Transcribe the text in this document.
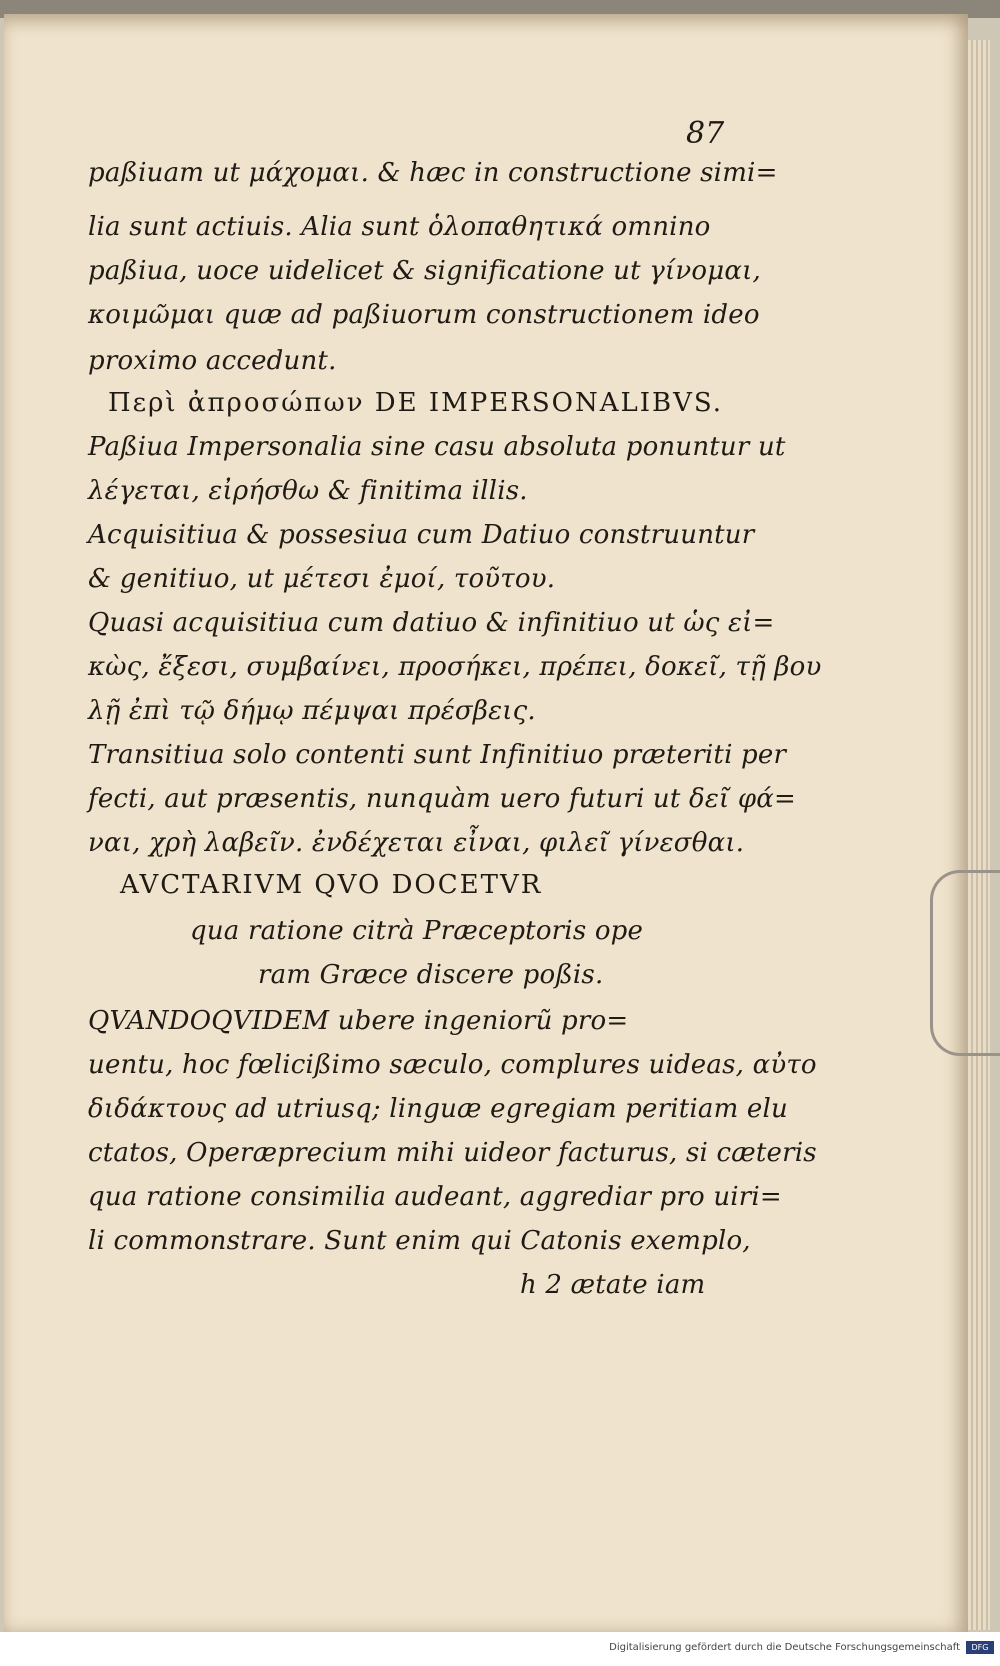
87
paßiuam ut μάχομαι. & hæc in constructione simi=
lia sunt actiuis. Alia sunt ὁλοπαθητικά omnino
paßiua, uoce uidelicet & significatione ut γίνομαι,
κοιμῶμαι quæ ad paßiuorum constructionem ideo
proximo accedunt.
Περὶ ἀπροσώπων DE IMPERSONALIBVS.
Paßiua Impersonalia sine casu absoluta ponuntur ut
λέγεται, εἰρήσθω & finitima illis.
Acquisitiua & possesiua cum Datiuo construuntur
& genitiuo, ut μέτεσι ἐμοί, τοῦτου.
Quasi acquisitiua cum datiuo & infinitiuo ut ὡς εἰ=
κὼς, ἔξεσι, συμβαίνει, προσήκει, πρέπει, δοκεῖ, τῇ βου
λῇ ἐπὶ τῷ δήμῳ πέμψαι πρέσβεις.
Transitiua solo contenti sunt Infinitiuo præteriti per
fecti, aut præsentis, nunquàm uero futuri ut δεῖ φά=
ναι, χρὴ λαβεῖν. ἐνδέχεται εἶναι, φιλεῖ γίνεσθαι.
AVCTARIVM QVO DOCETVR
qua ratione citrà Præceptoris ope
ram Græce discere poßis.
QVANDOQVIDEM ubere ingeniorũ pro=
uentu, hoc fœlicißimo sæculo, complures uideas, αὐτο
διδάκτους ad utriusq; linguæ egregiam peritiam elu
ctatos, Operæprecium mihi uideor facturus, si cæteris
qua ratione consimilia audeant, aggrediar pro uiri=
li commonstrare. Sunt enim qui Catonis exemplo,
h 2 ætate iam
Digitalisierung gefördert durch die Deutsche Forschungsgemeinschaft	DFG
